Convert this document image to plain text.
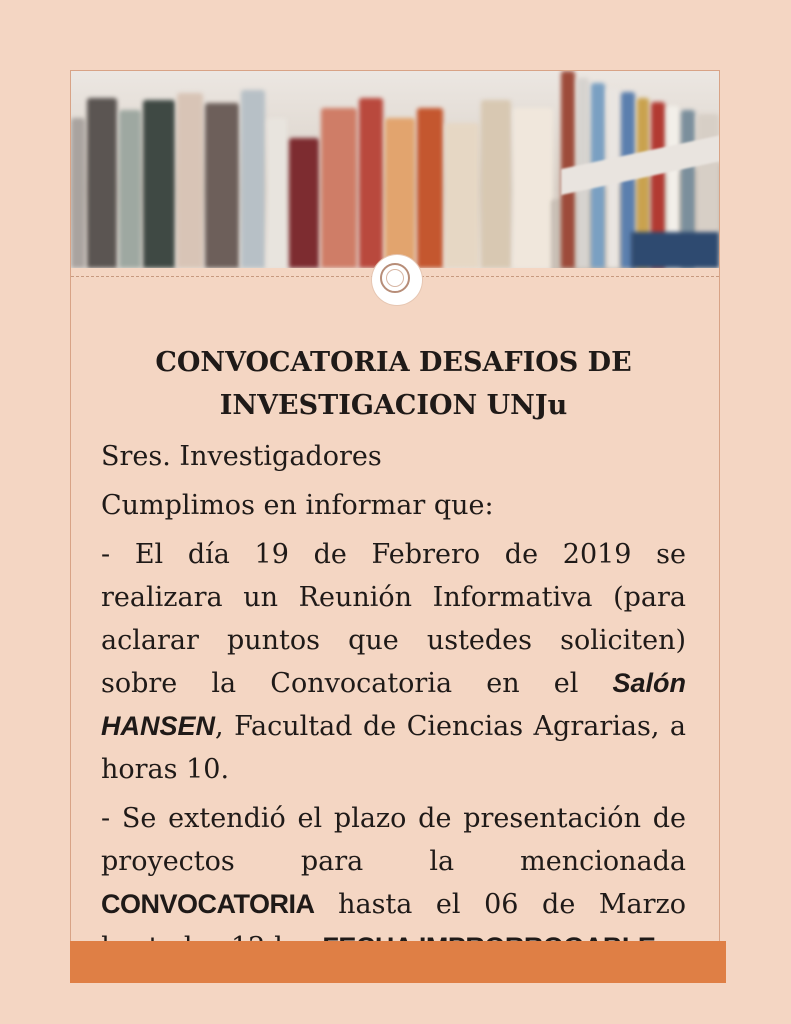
CONVOCATORIA DESAFIOS DE
INVESTIGACION UNJu

Sres. Investigadores

Cumplimos en informar que:

- El día 19 de Febrero de 2019 se realizara un Reunión Informativa (para aclarar puntos que ustedes soliciten) sobre la Convocatoria en el Salón HANSEN, Facultad de Ciencias Agrarias, a horas 10.

- Se extendió el plazo de presentación de proyectos para la mencionada CONVOCATORIA hasta el 06 de Marzo
